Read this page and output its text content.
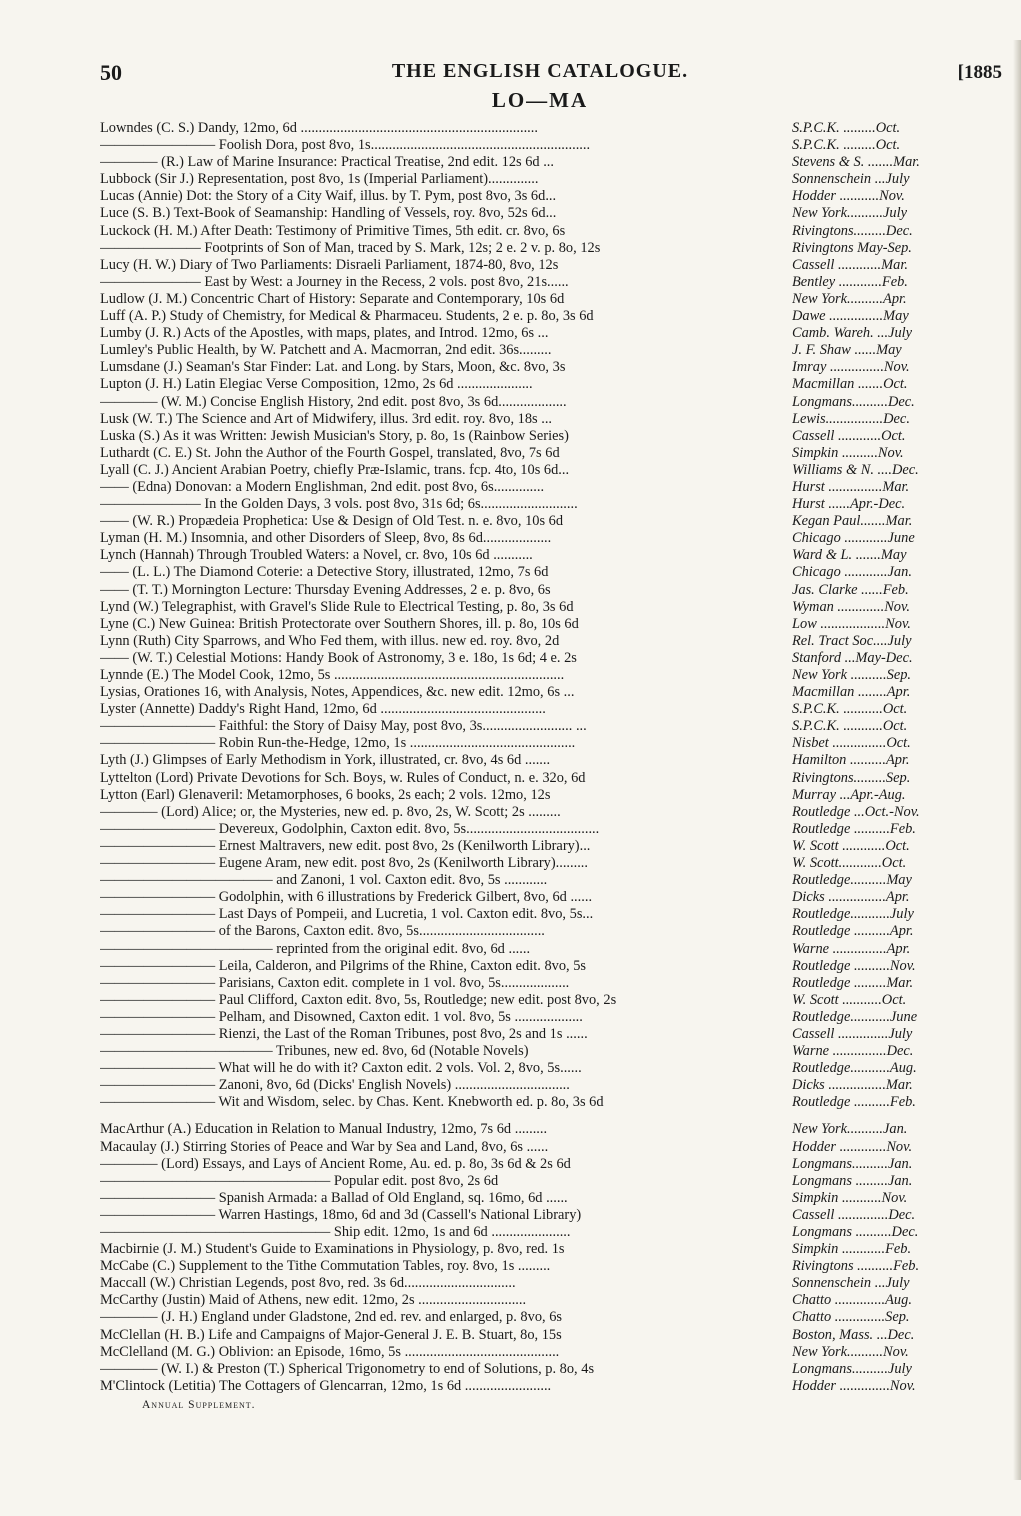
50	THE ENGLISH CATALOGUE.	[1885
LO—MA
Lowndes (C. S.) Dandy, 12mo, 6d ..................................................................	S.P.C.K. .........Oct.
———————— Foolish Dora, post 8vo, 1s.............................................................	S.P.C.K. .........Oct.
———— (R.) Law of Marine Insurance: Practical Treatise, 2nd edit. 12s 6d ...	Stevens & S. .......Mar.
Lubbock (Sir J.) Representation, post 8vo, 1s (Imperial Parliament)..............	Sonnenschein ...July
Lucas (Annie) Dot: the Story of a City Waif, illus. by T. Pym, post 8vo, 3s 6d...	Hodder ...........Nov.
Luce (S. B.) Text-Book of Seamanship: Handling of Vessels, roy. 8vo, 52s 6d...	New York..........July
Luckock (H. M.) After Death: Testimony of Primitive Times, 5th edit. cr. 8vo, 6s	Rivingtons.........Dec.
——————— Footprints of Son of Man, traced by S. Mark, 12s; 2 e. 2 v. p. 8o, 12s	Rivingtons May-Sep.
Lucy (H. W.) Diary of Two Parliaments: Disraeli Parliament, 1874-80, 8vo, 12s	Cassell ............Mar.
——————— East by West: a Journey in the Recess, 2 vols. post 8vo, 21s......	Bentley ............Feb.
Ludlow (J. M.) Concentric Chart of History: Separate and Contemporary, 10s 6d	New York..........Apr.
Luff (A. P.) Study of Chemistry, for Medical & Pharmaceu. Students, 2 e. p. 8o, 3s 6d	Dawe ...............May
Lumby (J. R.) Acts of the Apostles, with maps, plates, and Introd. 12mo, 6s ...	Camb. Wareh. ...July
Lumley's Public Health, by W. Patchett and A. Macmorran, 2nd edit. 36s.........	J. F. Shaw ......May
Lumsdane (J.) Seaman's Star Finder: Lat. and Long. by Stars, Moon, &c. 8vo, 3s	Imray ...............Nov.
Lupton (J. H.) Latin Elegiac Verse Composition, 12mo, 2s 6d .....................	Macmillan .......Oct.
———— (W. M.) Concise English History, 2nd edit. post 8vo, 3s 6d...................	Longmans..........Dec.
Lusk (W. T.) The Science and Art of Midwifery, illus. 3rd edit. roy. 8vo, 18s ...	Lewis................Dec.
Luska (S.) As it was Written: Jewish Musician's Story, p. 8o, 1s (Rainbow Series)	Cassell ............Oct.
Luthardt (C. E.) St. John the Author of the Fourth Gospel, translated, 8vo, 7s 6d	Simpkin ..........Nov.
Lyall (C. J.) Ancient Arabian Poetry, chiefly Præ-Islamic, trans. fcp. 4to, 10s 6d...	Williams & N. ....Dec.
—— (Edna) Donovan: a Modern Englishman, 2nd edit. post 8vo, 6s..............	Hurst ...............Mar.
——————— In the Golden Days, 3 vols. post 8vo, 31s 6d; 6s...........................	Hurst ......Apr.-Dec.
—— (W. R.) Propædeia Prophetica: Use & Design of Old Test. n. e. 8vo, 10s 6d	Kegan Paul.......Mar.
Lyman (H. M.) Insomnia, and other Disorders of Sleep, 8vo, 8s 6d...................	Chicago ............June
Lynch (Hannah) Through Troubled Waters: a Novel, cr. 8vo, 10s 6d ...........	Ward & L. .......May
—— (L. L.) The Diamond Coterie: a Detective Story, illustrated, 12mo, 7s 6d	Chicago ............Jan.
—— (T. T.) Mornington Lecture: Thursday Evening Addresses, 2 e. p. 8vo, 6s	Jas. Clarke ......Feb.
Lynd (W.) Telegraphist, with Gravel's Slide Rule to Electrical Testing, p. 8o, 3s 6d	Wyman .............Nov.
Lyne (C.) New Guinea: British Protectorate over Southern Shores, ill. p. 8o, 10s 6d	Low ..................Nov.
Lynn (Ruth) City Sparrows, and Who Fed them, with illus. new ed. roy. 8vo, 2d	Rel. Tract Soc....July
—— (W. T.) Celestial Motions: Handy Book of Astronomy, 3 e. 18o, 1s 6d; 4 e. 2s	Stanford ...May-Dec.
Lynnde (E.) The Model Cook, 12mo, 5s ................................................................	New York ..........Sep.
Lysias, Orationes 16, with Analysis, Notes, Appendices, &c. new edit. 12mo, 6s ...	Macmillan ........Apr.
Lyster (Annette) Daddy's Right Hand, 12mo, 6d ..............................................	S.P.C.K. ...........Oct.
———————— Faithful: the Story of Daisy May, post 8vo, 3s......................... ...	S.P.C.K. ...........Oct.
———————— Robin Run-the-Hedge, 12mo, 1s ..............................................	Nisbet ...............Oct.
Lyth (J.) Glimpses of Early Methodism in York, illustrated, cr. 8vo, 4s 6d .......	Hamilton ..........Apr.
Lyttelton (Lord) Private Devotions for Sch. Boys, w. Rules of Conduct, n. e. 32o, 6d	Rivingtons.........Sep.
Lytton (Earl) Glenaveril: Metamorphoses, 6 books, 2s each; 2 vols. 12mo, 12s	Murray ...Apr.-Aug.
———— (Lord) Alice; or, the Mysteries, new ed. p. 8vo, 2s, W. Scott; 2s .........	Routledge ...Oct.-Nov.
———————— Devereux, Godolphin, Caxton edit. 8vo, 5s.....................................	Routledge ..........Feb.
———————— Ernest Maltravers, new edit. post 8vo, 2s (Kenilworth Library)...	W. Scott ............Oct.
———————— Eugene Aram, new edit. post 8vo, 2s (Kenilworth Library).........	W. Scott............Oct.
———————————— and Zanoni, 1 vol. Caxton edit. 8vo, 5s ............	Routledge..........May
———————— Godolphin, with 6 illustrations by Frederick Gilbert, 8vo, 6d ......	Dicks ................Apr.
———————— Last Days of Pompeii, and Lucretia, 1 vol. Caxton edit. 8vo, 5s...	Routledge...........July
———————— of the Barons, Caxton edit. 8vo, 5s...................................	Routledge ..........Apr.
———————————— reprinted from the original edit. 8vo, 6d ......	Warne ...............Apr.
———————— Leila, Calderon, and Pilgrims of the Rhine, Caxton edit. 8vo, 5s	Routledge ..........Nov.
———————— Parisians, Caxton edit. complete in 1 vol. 8vo, 5s...................	Routledge .........Mar.
———————— Paul Clifford, Caxton edit. 8vo, 5s, Routledge; new edit. post 8vo, 2s	W. Scott ...........Oct.
———————— Pelham, and Disowned, Caxton edit. 1 vol. 8vo, 5s ...................	Routledge...........June
———————— Rienzi, the Last of the Roman Tribunes, post 8vo, 2s and 1s ......	Cassell ..............July
———————————— Tribunes, new ed. 8vo, 6d (Notable Novels)	Warne ...............Dec.
———————— What will he do with it? Caxton edit. 2 vols. Vol. 2, 8vo, 5s......	Routledge...........Aug.
———————— Zanoni, 8vo, 6d (Dicks' English Novels) ................................	Dicks ................Mar.
———————— Wit and Wisdom, selec. by Chas. Kent. Knebworth ed. p. 8o, 3s 6d	Routledge ..........Feb.
MacArthur (A.) Education in Relation to Manual Industry, 12mo, 7s 6d .........	New York..........Jan.
Macaulay (J.) Stirring Stories of Peace and War by Sea and Land, 8vo, 6s ......	Hodder .............Nov.
———— (Lord) Essays, and Lays of Ancient Rome, Au. ed. p. 8o, 3s 6d & 2s 6d	Longmans..........Jan.
———————————————— Popular edit. post 8vo, 2s 6d	Longmans .........Jan.
———————— Spanish Armada: a Ballad of Old England, sq. 16mo, 6d ......	Simpkin ...........Nov.
———————— Warren Hastings, 18mo, 6d and 3d (Cassell's National Library)	Cassell ..............Dec.
———————————————— Ship edit. 12mo, 1s and 6d ......................	Longmans ..........Dec.
Macbirnie (J. M.) Student's Guide to Examinations in Physiology, p. 8vo, red. 1s	Simpkin ............Feb.
McCabe (C.) Supplement to the Tithe Commutation Tables, roy. 8vo, 1s .........	Rivingtons ..........Feb.
Maccall (W.) Christian Legends, post 8vo, red. 3s 6d...............................	Sonnenschein ...July
McCarthy (Justin) Maid of Athens, new edit. 12mo, 2s ..............................	Chatto ..............Aug.
———— (J. H.) England under Gladstone, 2nd ed. rev. and enlarged, p. 8vo, 6s	Chatto ..............Sep.
McClellan (H. B.) Life and Campaigns of Major-General J. E. B. Stuart, 8o, 15s	Boston, Mass. ...Dec.
McClelland (M. G.) Oblivion: an Episode, 16mo, 5s ...........................................	New York..........Nov.
———— (W. I.) & Preston (T.) Spherical Trigonometry to end of Solutions, p. 8o, 4s	Longmans..........July
M'Clintock (Letitia) The Cottagers of Glencarran, 12mo, 1s 6d ........................	Hodder ..............Nov.
Annual Supplement.
